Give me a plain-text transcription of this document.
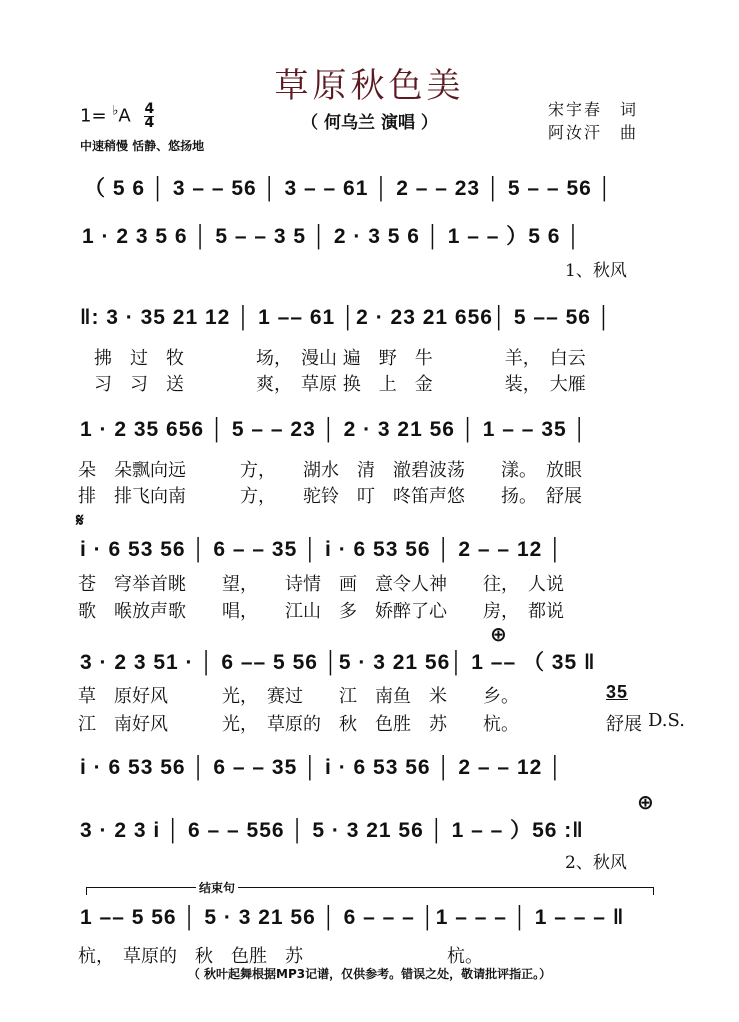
草原秋色美
（ 何乌兰 演唱 ）
$1= ^♭A \frac{4}{4}$
中速稍慢 恬静、悠扬地
宋宇春　词
阿汝汗　曲
（ 5 6 │ 3 – – 56 │ 3 – – 61 │ 2 – – 23 │ 5 – – 56 │
1 · 2 3 5 6 │ 5 – – 3 5 │ 2 · 3 5 6 │ 1 – – ）5 6 │
1、秋风
‖: 3 · 35 21 12 │ 1 –– 61 │2 · 23 21 656│ 5 –– 56 │
拂　过　牧　　　　场，　漫山 遍　野　牛　　　　羊，　白云
习　习　送　　　　爽，　草原 换　上　金　　　　装，　大雁
1 · 2 35 656 │ 5 – – 23 │ 2 · 3 21 56 │ 1 – – 35 │
朵　朵飘向远　　　方，　　湖水　清　澈碧波荡　　漾。　放眼
排　排飞向南　　　方，　　驼铃　叮　咚笛声悠　　扬。　舒展
𝄋
i · 6 53 56 │ 6 – – 35 │ i · 6 53 56 │ 2 – – 12 │
苍　穹举首眺　　望，　　诗情　画　意令人神　　往，　人说
歌　喉放声歌　　唱，　　江山　多　娇醉了心　　房，　都说
⊕
3 · 2 3 51 · │ 6 –– 5 56 │5 · 3 21 56│ 1 –– （ 35 ‖
草　原好风　　　光，　赛过　　江　南鱼　米　　乡。	35
江　南好风　　　光，　草原的　秋　色胜　苏　　杭。	舒展 D.S.
i · 6 53 56 │ 6 – – 35 │ i · 6 53 56 │ 2 – – 12 │
⊕
3 · 2 3 i │ 6 – – 556 │ 5 · 3 21 56 │ 1 – – ）56 :‖
2、秋风
结束句
1 –– 5 56 │ 5 · 3 21 56 │ 6 – – – │1 – – – │ 1 – – – ‖
杭，　草原的　秋　色胜　苏　　　　　　　　杭。
（ 秋叶起舞根据MP3记谱，仅供参考。错误之处，敬请批评指正。）
